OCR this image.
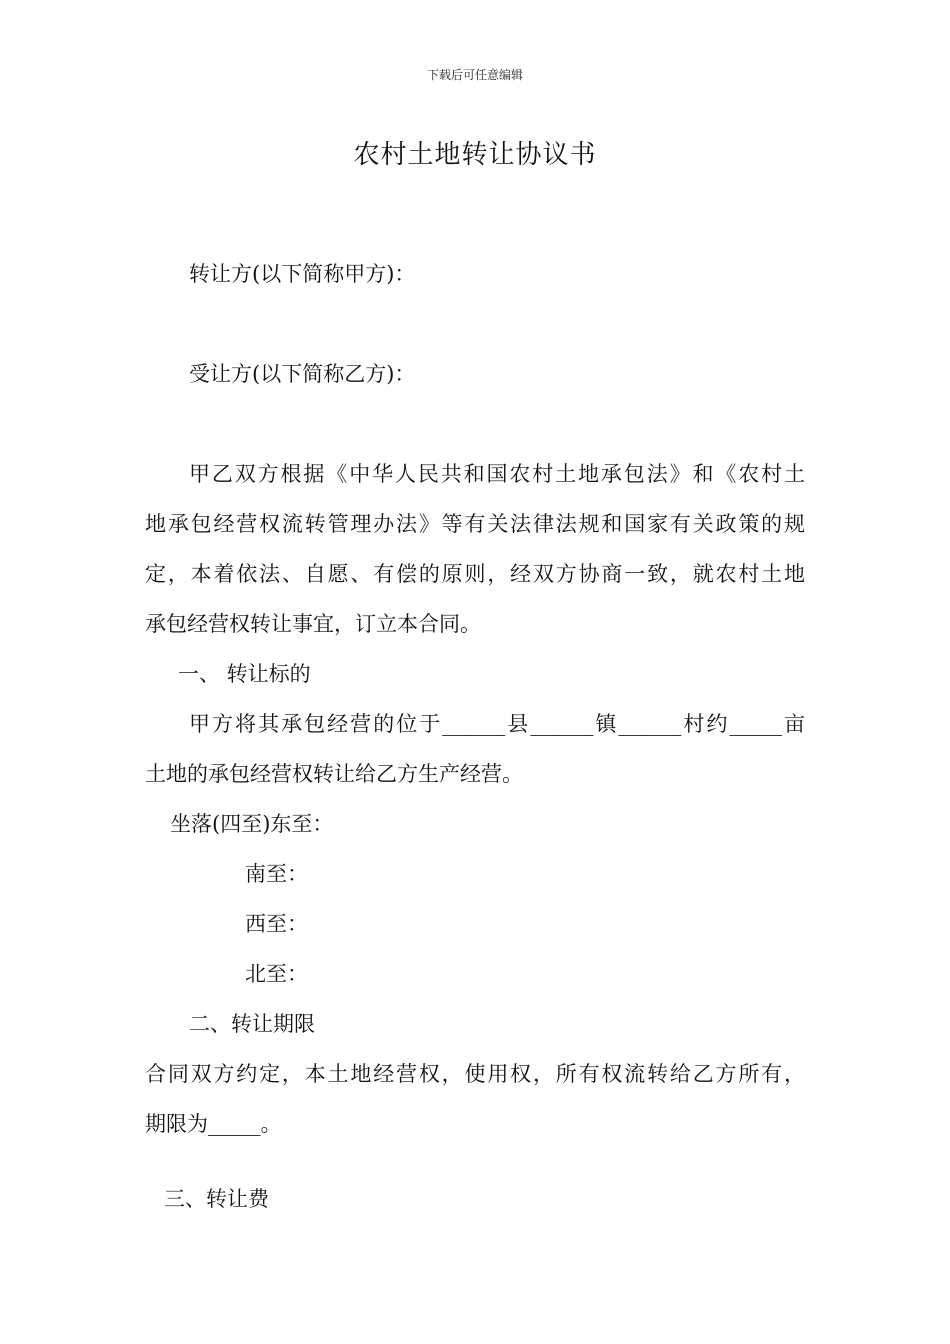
下载后可任意编辑
农村土地转让协议书
转让方(以下简称甲方)：
受让方(以下简称乙方)：
甲乙双方根据《中华人民共和国农村土地承包法》和《农村土
地承包经营权流转管理办法》等有关法律法规和国家有关政策的规
定，本着依法、自愿、有偿的原则，经双方协商一致，就农村土地
承包经营权转让事宜，订立本合同。
一、 转让标的
甲方将其承包经营的位于______县______镇______村约_____亩
土地的承包经营权转让给乙方生产经营。
坐落(四至)东至：
南至：
西至：
北至：
二、转让期限
合同双方约定，本土地经营权，使用权，所有权流转给乙方所有，
期限为_____。
三、转让费
